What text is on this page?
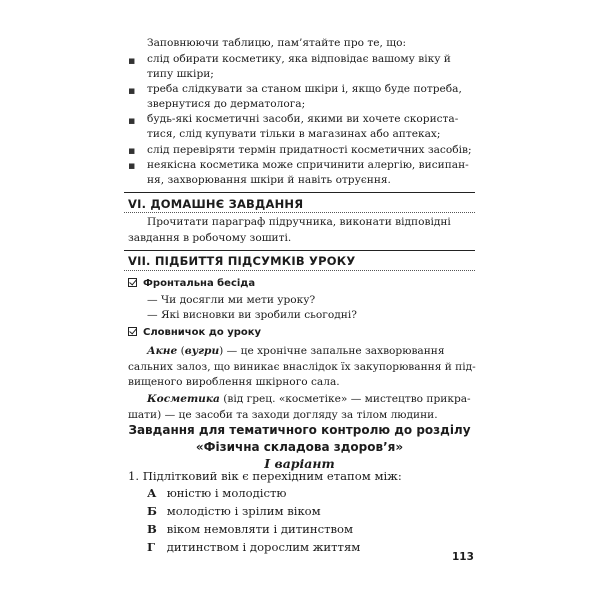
Заповнюючи таблицю, пам’ятайте про те, що:
▪ слід обирати косметику, яка відповідає вашому віку й
типу шкіри;
▪ треба слідкувати за станом шкіри і, якщо буде потреба,
звернутися до дерматолога;
▪ будь-які косметичні засоби, якими ви хочете скориста-
тися, слід купувати тільки в магазинах або аптеках;
▪ слід перевіряти термін придатності косметичних засобів;
▪ неякісна косметика може спричинити алергію, висипан-
ня, захворювання шкіри й навіть отруєння.
VI. ДОМАШНЄ ЗАВДАННЯ
Прочитати параграф підручника, виконати відповідні
завдання в робочому зошиті.
VII. ПІДБИТТЯ ПІДСУМКІВ УРОКУ
Фронтальна бесіда
— Чи досягли ми мети уроку?
— Які висновки ви зробили сьогодні?
Словничок до уроку
Акне (вугри) — це хронічне запальне захворювання
сальних залоз, що виникає внаслідок їх закупорювання й під-
вищеного вироблення шкірного сала.
Косметика (від грец. «косметіке» — мистецтво прикра-
шати) — це засоби та заходи догляду за тілом людини.
Завдання для тематичного контролю до розділу
«Фізична складова здоров’я»
I варіант
1. Підлітковий вік є перехідним етапом між:
113
А юністю і молодістю
Б молодістю і зрілим віком
В віком немовляти і дитинством
Г дитинством і дорослим життям
